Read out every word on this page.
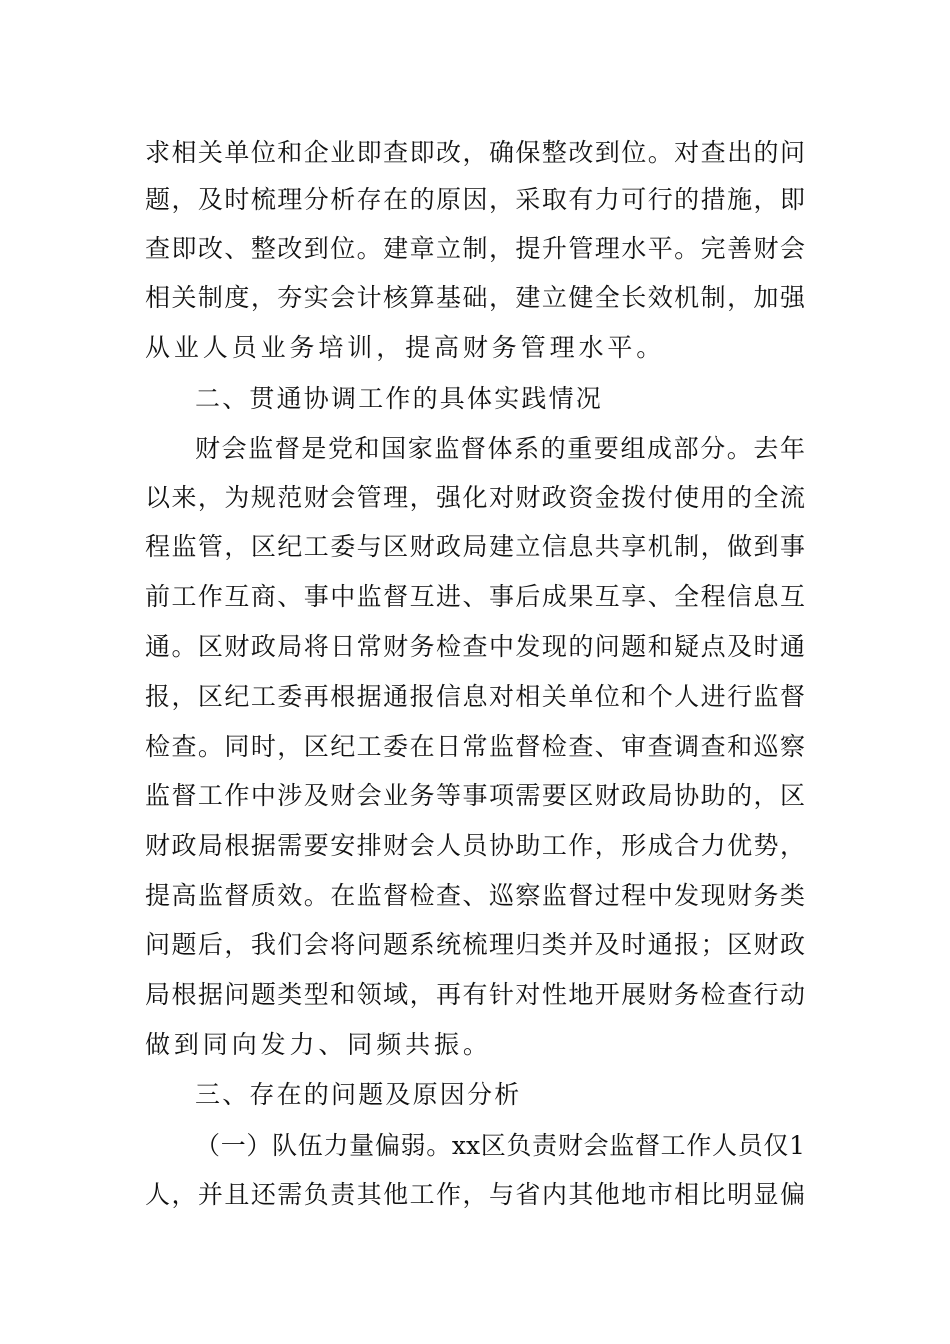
求相关单位和企业即查即改，确保整改到位。对查出的问
题，及时梳理分析存在的原因，采取有力可行的措施，即
查即改、整改到位。建章立制，提升管理水平。完善财会
相关制度，夯实会计核算基础，建立健全长效机制，加强
从业人员业务培训，提高财务管理水平。
二、贯通协调工作的具体实践情况
财会监督是党和国家监督体系的重要组成部分。去年
以来，为规范财会管理，强化对财政资金拨付使用的全流
程监管，区纪工委与区财政局建立信息共享机制，做到事
前工作互商、事中监督互进、事后成果互享、全程信息互
通。区财政局将日常财务检查中发现的问题和疑点及时通
报，区纪工委再根据通报信息对相关单位和个人进行监督
检查。同时，区纪工委在日常监督检查、审查调查和巡察
监督工作中涉及财会业务等事项需要区财政局协助的，区
财政局根据需要安排财会人员协助工作，形成合力优势，
提高监督质效。在监督检查、巡察监督过程中发现财务类
问题后，我们会将问题系统梳理归类并及时通报；区财政
局根据问题类型和领域，再有针对性地开展财务检查行动
做到同向发力、同频共振。
三、存在的问题及原因分析
（一）队伍力量偏弱。xx区负责财会监督工作人员仅1
人，并且还需负责其他工作，与省内其他地市相比明显偏
